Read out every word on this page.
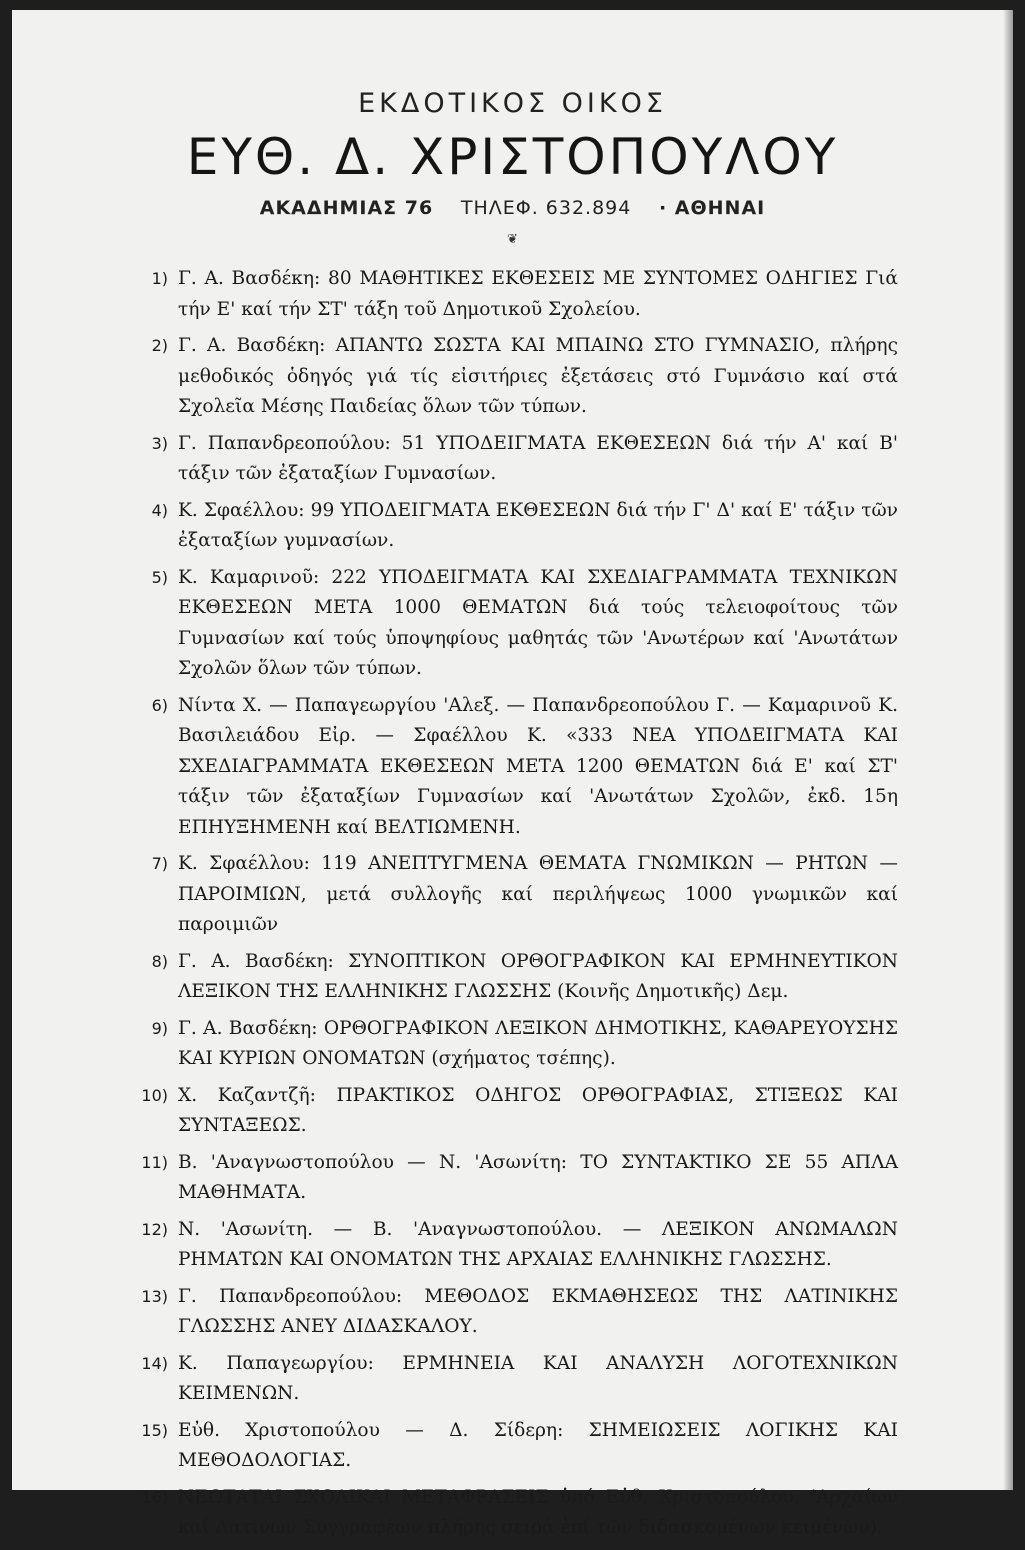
ΕΚΔΟΤΙΚΟΣ ΟΙΚΟΣ
ΕΥΘ. Δ. ΧΡΙΣΤΟΠΟΥΛΟΥ
ΑΚΑΔΗΜΙΑΣ 76 ΤΗΛΕΦ. 632.894 · ΑΘΗΝΑΙ
❦
1) Γ. Α. Βασδέκη: 80 ΜΑΘΗΤΙΚΕΣ ΕΚΘΕΣΕΙΣ ΜΕ ΣΥΝΤΟΜΕΣ ΟΔΗΓΙΕΣ Γιά τήν Ε' καί τήν ΣΤ' τάξη τοῦ Δημοτικοῦ Σχολείου.
2) Γ. Α. Βασδέκη: ΑΠΑΝΤΩ ΣΩΣΤΑ ΚΑΙ ΜΠΑΙΝΩ ΣΤΟ ΓΥΜΝΑΣΙΟ, πλήρης μεθοδικός ὁδηγός γιά τίς εἰσιτήριες ἐξετάσεις στό Γυμνάσιο καί στά Σχολεῖα Μέσης Παιδείας ὅλων τῶν τύπων.
3) Γ. Παπανδρεοπούλου: 51 ΥΠΟΔΕΙΓΜΑΤΑ ΕΚΘΕΣΕΩΝ διά τήν Α' καί Β' τάξιν τῶν ἐξαταξίων Γυμνασίων.
4) Κ. Σφαέλλου: 99 ΥΠΟΔΕΙΓΜΑΤΑ ΕΚΘΕΣΕΩΝ διά τήν Γ' Δ' καί Ε' τάξιν τῶν ἐξαταξίων γυμνασίων.
5) Κ. Καμαρινοῦ: 222 ΥΠΟΔΕΙΓΜΑΤΑ ΚΑΙ ΣΧΕΔΙΑΓΡΑΜΜΑΤΑ ΤΕΧΝΙΚΩΝ ΕΚΘΕΣΕΩΝ ΜΕΤΑ 1000 ΘΕΜΑΤΩΝ διά τούς τελειοφοίτους τῶν Γυμνασίων καί τούς ὑποψηφίους μαθητάς τῶν 'Ανωτέρων καί 'Ανωτάτων Σχολῶν ὅλων τῶν τύπων.
6) Νίντα Χ. — Παπαγεωργίου 'Αλεξ. — Παπανδρεοπούλου Γ. — Καμαρινοῦ Κ. Βασιλειάδου Εἰρ. — Σφαέλλου Κ. «333 ΝΕΑ ΥΠΟΔΕΙΓΜΑΤΑ ΚΑΙ ΣΧΕΔΙΑΓΡΑΜΜΑΤΑ ΕΚΘΕΣΕΩΝ ΜΕΤΑ 1200 ΘΕΜΑΤΩΝ διά Ε' καί ΣΤ' τάξιν τῶν ἐξαταξίων Γυμνασίων καί 'Ανωτάτων Σχολῶν, ἐκδ. 15η ΕΠΗΥΞΗΜΕΝΗ καί ΒΕΛΤΙΩΜΕΝΗ.
7) Κ. Σφαέλλου: 119 ΑΝΕΠΤΥΓΜΕΝΑ ΘΕΜΑΤΑ ΓΝΩΜΙΚΩΝ — ΡΗΤΩΝ — ΠΑΡΟΙΜΙΩΝ, μετά συλλογῆς καί περιλήψεως 1000 γνωμικῶν καί παροιμιῶν
8) Γ. Α. Βασδέκη: ΣΥΝΟΠΤΙΚΟΝ ΟΡΘΟΓΡΑΦΙΚΟΝ ΚΑΙ ΕΡΜΗΝΕΥΤΙΚΟΝ ΛΕΞΙΚΟΝ ΤΗΣ ΕΛΛΗΝΙΚΗΣ ΓΛΩΣΣΗΣ (Κοινῆς Δημοτικῆς) Δεμ.
9) Γ. Α. Βασδέκη: ΟΡΘΟΓΡΑΦΙΚΟΝ ΛΕΞΙΚΟΝ ΔΗΜΟΤΙΚΗΣ, ΚΑΘΑΡΕΥΟΥΣΗΣ ΚΑΙ ΚΥΡΙΩΝ ΟΝΟΜΑΤΩΝ (σχήματος τσέπης).
10) Χ. Καζαντζῆ: ΠΡΑΚΤΙΚΟΣ ΟΔΗΓΟΣ ΟΡΘΟΓΡΑΦΙΑΣ, ΣΤΙΞΕΩΣ ΚΑΙ ΣΥΝΤΑΞΕΩΣ.
11) Β. 'Αναγνωστοπούλου — Ν. 'Ασωνίτη: ΤΟ ΣΥΝΤΑΚΤΙΚΟ ΣΕ 55 ΑΠΛΑ ΜΑΘΗΜΑΤΑ.
12) Ν. 'Ασωνίτη. — Β. 'Αναγνωστοπούλου. — ΛΕΞΙΚΟΝ ΑΝΩΜΑΛΩΝ ΡΗΜΑΤΩΝ ΚΑΙ ΟΝΟΜΑΤΩΝ ΤΗΣ ΑΡΧΑΙΑΣ ΕΛΛΗΝΙΚΗΣ ΓΛΩΣΣΗΣ.
13) Γ. Παπανδρεοπούλου: ΜΕΘΟΔΟΣ ΕΚΜΑΘΗΣΕΩΣ ΤΗΣ ΛΑΤΙΝΙΚΗΣ ΓΛΩΣΣΗΣ ΑΝΕΥ ΔΙΔΑΣΚΑΛΟΥ.
14) Κ. Παπαγεωργίου: ΕΡΜΗΝΕΙΑ ΚΑΙ ΑΝΑΛΥΣΗ ΛΟΓΟΤΕΧΝΙΚΩΝ ΚΕΙΜΕΝΩΝ.
15) Εὐθ. Χριστοπούλου — Δ. Σίδερη: ΣΗΜΕΙΩΣΕΙΣ ΛΟΓΙΚΗΣ ΚΑΙ ΜΕΘΟΔΟΛΟΓΙΑΣ.
16) ΝΕΩΤΑΤΑΙ ΣΧΟΛΙΚΑΙ ΜΕΤΑΦΡΑΣΕΙΣ ὑπό Εὐθ. Χριστοπούλου. 'Αρχαίων καί Λατίνων Συγγραφέων πλήρης σειρά ἐπί τῶν διδασκομένων κειμένων).
